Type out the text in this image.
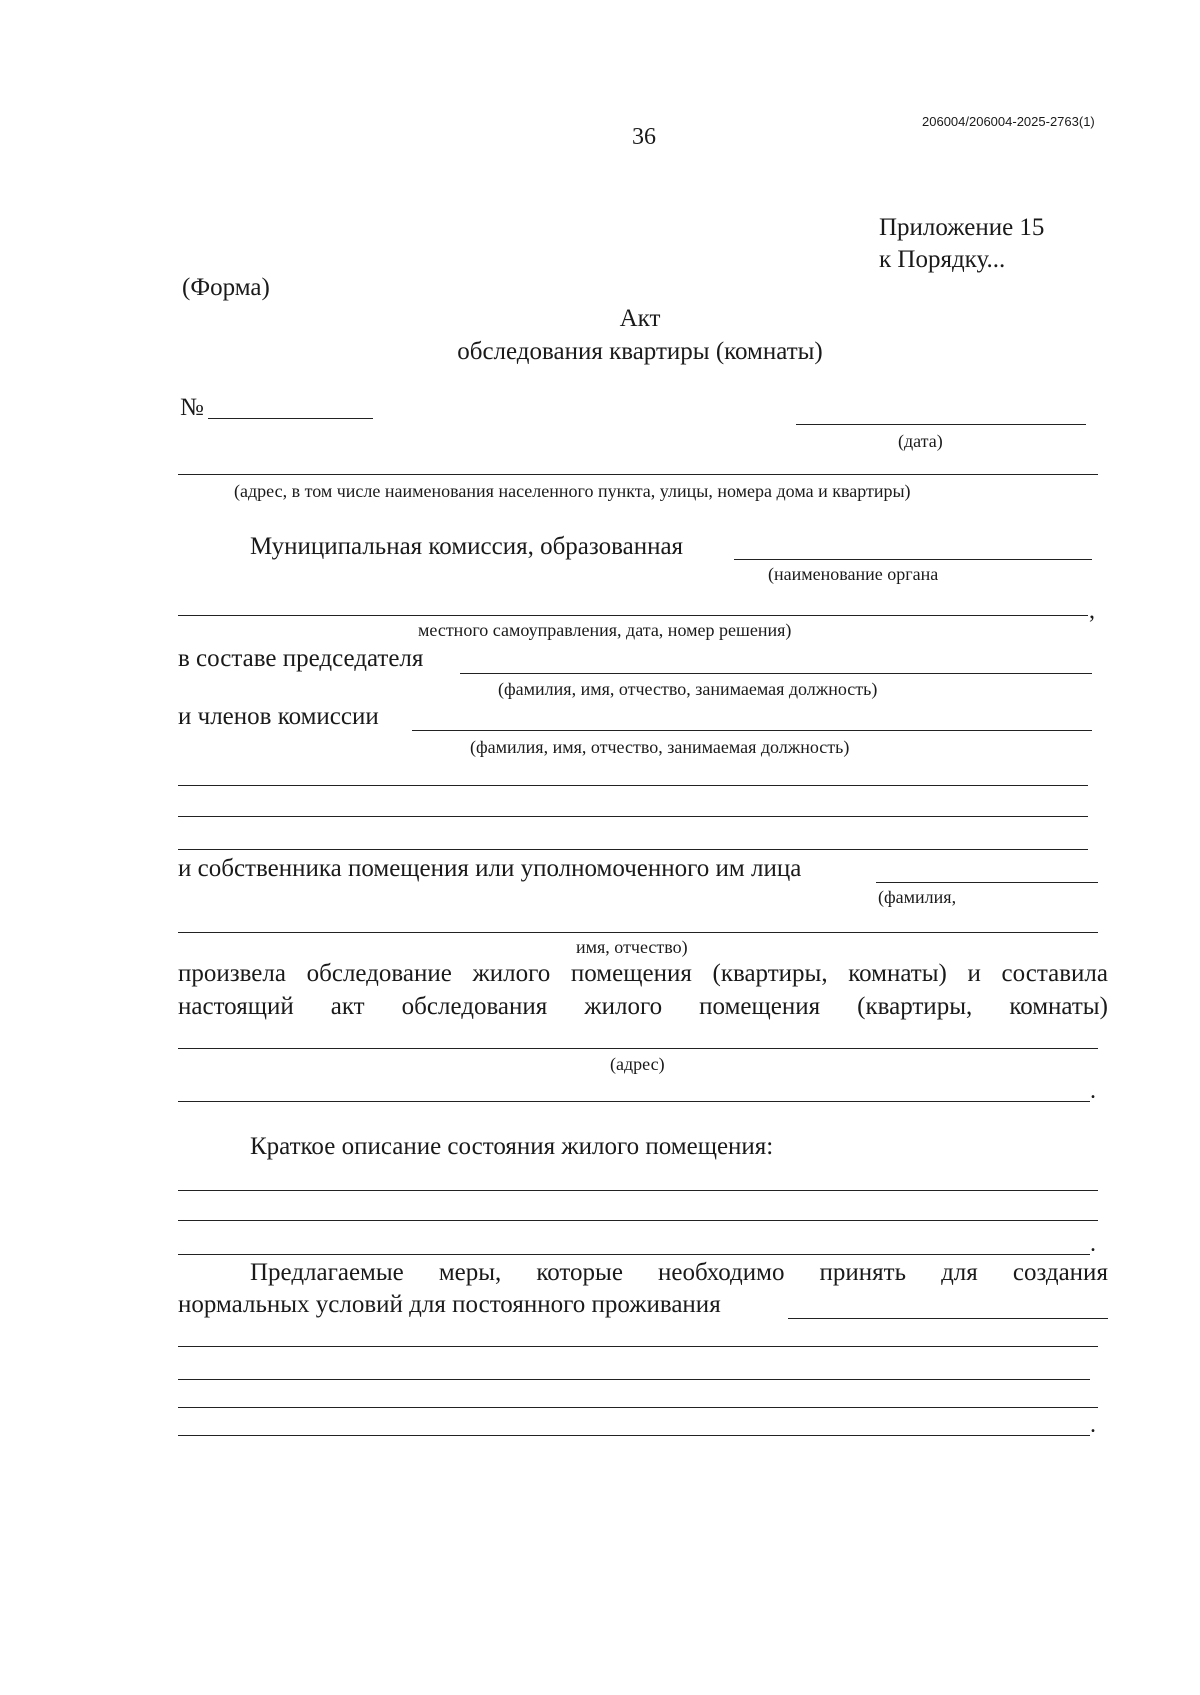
206004/206004-2025-2763(1)
36
Приложение 15
к Порядку...
(Форма)
Акт
обследования квартиры (комнаты)
№
(дата)
(адрес, в том числе наименования населенного пункта, улицы, номера дома и квартиры)
Муниципальная комиссия, образованная
(наименование органа
,
местного самоуправления, дата, номер решения)
в составе председателя
(фамилия, имя, отчество, занимаемая должность)
и членов комиссии
(фамилия, имя, отчество, занимаемая должность)
и собственника помещения или уполномоченного им лица
(фамилия,
имя, отчество)
произвела обследование жилого помещения (квартиры, комнаты) и составила
настоящий акт обследования жилого помещения (квартиры, комнаты)
(адрес)
.
Краткое описание состояния жилого помещения:
.
Предлагаемые меры, которые необходимо принять для создания
нормальных условий для постоянного проживания
.
